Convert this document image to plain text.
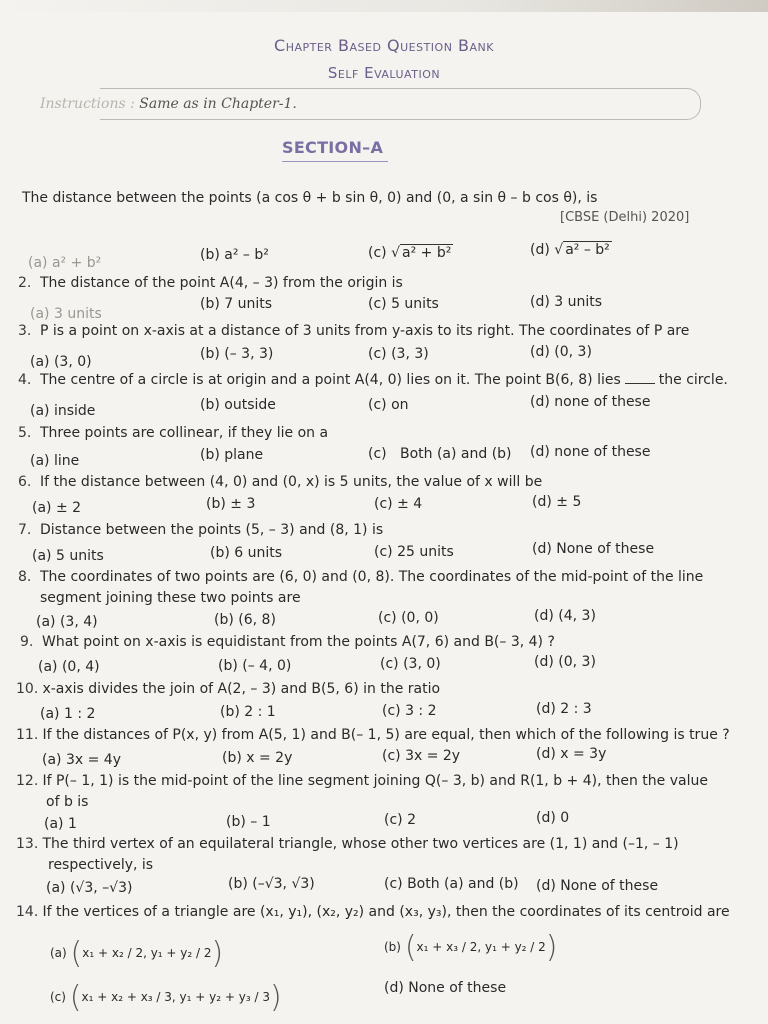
Chapter Based Question Bank
Self Evaluation
Instructions : Same as in Chapter-1.
SECTION–A
The distance between the points (a cos θ + b sin θ, 0) and (0, a sin θ – b cos θ), is
[CBSE (Delhi) 2020]
(a) a² + b²	(b) a² – b²	(c) √ a² + b²	(d) √ a² – b²
2. The distance of the point A(4, – 3) from the origin is
(a) 3 units
(b) 7 units	(c) 5 units	(d) 3 units
3. P is a point on x-axis at a distance of 3 units from y-axis to its right. The coordinates of P are
(a) (3, 0)	(b) (– 3, 3)	(c) (3, 3)	(d) (0, 3)
4. The centre of a circle is at origin and a point A(4, 0) lies on it. The point B(6, 8) lies	the circle.
(a) inside	(b) outside	(c) on	(d) none of these
5. Three points are collinear, if they lie on a
(a) line	(b) plane	(c) Both (a) and (b) (d) none of these
6. If the distance between (4, 0) and (0, x) is 5 units, the value of x will be
(a) ± 2	(b) ± 3	(c) ± 4	(d) ± 5
7. Distance between the points (5, – 3) and (8, 1) is
(a) 5 units	(b) 6 units	(c) 25 units	(d) None of these
8. The coordinates of two points are (6, 0) and (0, 8). The coordinates of the mid-point of the line
segment joining these two points are
(a) (3, 4)	(b) (6, 8)	(c) (0, 0)	(d) (4, 3)
9. What point on x-axis is equidistant from the points A(7, 6) and B(– 3, 4) ?
(a) (0, 4)	(b) (– 4, 0)	(c) (3, 0)	(d) (0, 3)
10. x-axis divides the join of A(2, – 3) and B(5, 6) in the ratio
(a) 1 : 2	(b) 2 : 1	(c) 3 : 2	(d) 2 : 3
11. If the distances of P(x, y) from A(5, 1) and B(– 1, 5) are equal, then which of the following is true ?
(a) 3x = 4y	(b) x = 2y	(c) 3x = 2y	(d) x = 3y
12. If P(– 1, 1) is the mid-point of the line segment joining Q(– 3, b) and R(1, b + 4), then the value
of b is
(a) 1	(b) – 1	(c) 2	(d) 0
13. The third vertex of an equilateral triangle, whose other two vertices are (1, 1) and (–1, – 1)
respectively, is
(a) (√3, –√3)	(b) (–√3, √3)	(c) Both (a) and (b) (d) None of these
14. If the vertices of a triangle are (x₁, y₁), (x₂, y₂) and (x₃, y₃), then the coordinates of its centroid are
(a) (x₁ + x₂ / 2, y₁ + y₂ / 2)	(b) (x₁ + x₃ / 2, y₁ + y₂ / 2)
(c) (x₁ + x₂ + x₃ / 3, y₁ + y₂ + y₃ / 3)	(d) None of these
